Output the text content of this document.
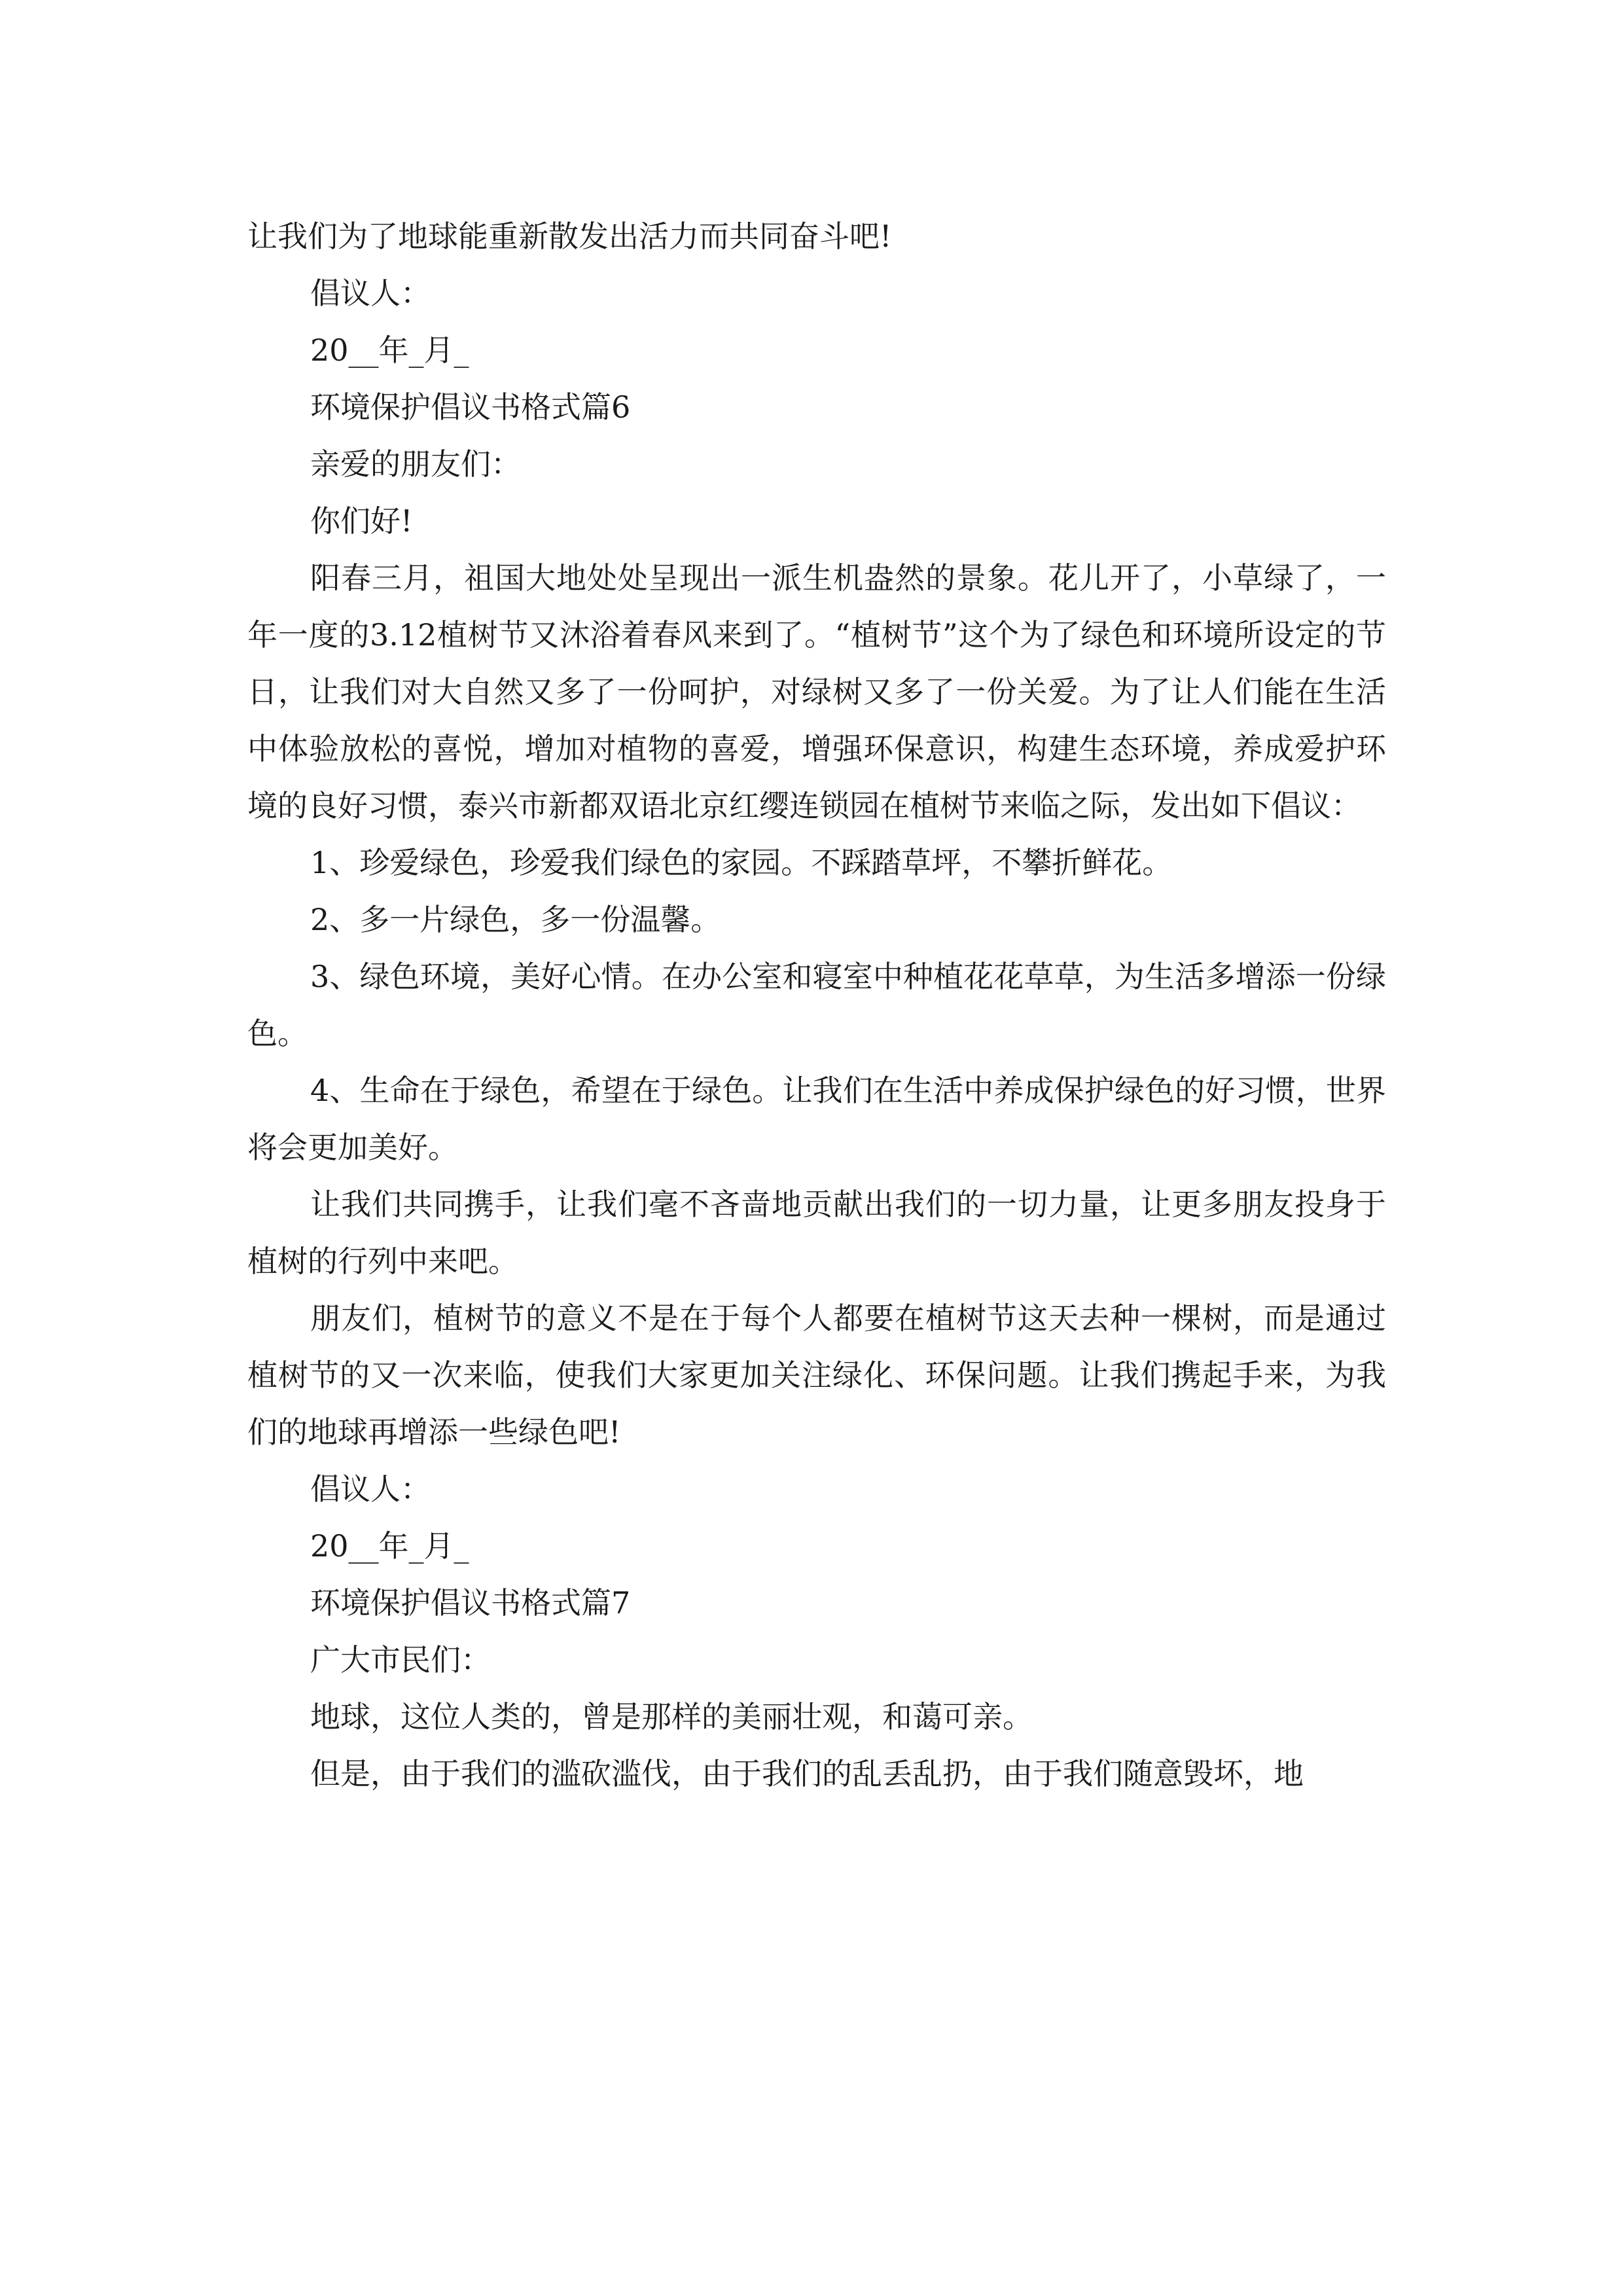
让我们为了地球能重新散发出活力而共同奋斗吧!

倡议人：

20__年_月_

环境保护倡议书格式篇6

亲爱的朋友们：

你们好!

阳春三月，祖国大地处处呈现出一派生机盎然的景象。花儿开了，小草绿了，一年一度的3.12植树节又沐浴着春风来到了。“植树节”这个为了绿色和环境所设定的节日，让我们对大自然又多了一份呵护，对绿树又多了一份关爱。为了让人们能在生活中体验放松的喜悦，增加对植物的喜爱，增强环保意识，构建生态环境，养成爱护环境的良好习惯，泰兴市新都双语北京红缨连锁园在植树节来临之际，发出如下倡议：

1、珍爱绿色，珍爱我们绿色的家园。不踩踏草坪，不攀折鲜花。

2、多一片绿色，多一份温馨。

3、绿色环境，美好心情。在办公室和寝室中种植花花草草，为生活多增添一份绿色。

4、生命在于绿色，希望在于绿色。让我们在生活中养成保护绿色的好习惯，世界将会更加美好。

让我们共同携手，让我们毫不吝啬地贡献出我们的一切力量，让更多朋友投身于植树的行列中来吧。

朋友们，植树节的意义不是在于每个人都要在植树节这天去种一棵树，而是通过植树节的又一次来临，使我们大家更加关注绿化、环保问题。让我们携起手来，为我们的地球再增添一些绿色吧!

倡议人：

20__年_月_

环境保护倡议书格式篇7

广大市民们：

地球，这位人类的，曾是那样的美丽壮观，和蔼可亲。

但是，由于我们的滥砍滥伐，由于我们的乱丢乱扔，由于我们随意毁坏，地
